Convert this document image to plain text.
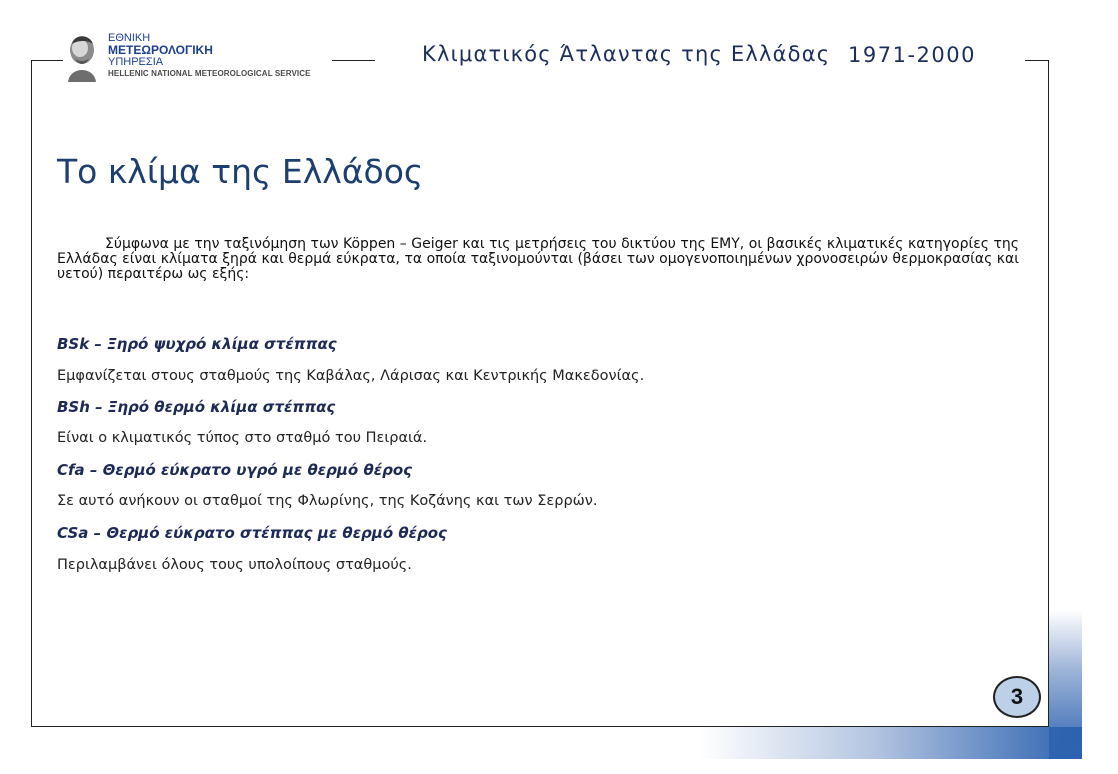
ΕΘΝΙΚΗ
ΜΕΤΕΩΡΟΛΟΓΙΚΗ
ΥΠΗΡΕΣΙΑ
HELLENIC NATIONAL METEOROLOGICAL SERVICE
Κλιματικός Άτλαντας της Ελλάδας 1971-2000
Το κλίμα της Ελλάδος

Σύμφωνα με την ταξινόμηση των Köppen – Geiger και τις μετρήσεις του δικτύου της ΕΜΥ, οι βασικές κλιματικές κατηγορίες της Ελλάδας είναι κλίματα ξηρά και θερμά εύκρατα, τα οποία ταξινομούνται (βάσει των ομογενοποιημένων χρονοσειρών θερμοκρασίας και υετού) περαιτέρω ως εξής:

BSk – Ξηρό ψυχρό κλίμα στέππας

Εμφανίζεται στους σταθμούς της Καβάλας, Λάρισας και Κεντρικής Μακεδονίας.

BSh – Ξηρό θερμό κλίμα στέππας

Είναι ο κλιματικός τύπος στο σταθμό του Πειραιά.

Cfa – Θερμό εύκρατο υγρό με θερμό θέρος

Σε αυτό ανήκουν οι σταθμοί της Φλωρίνης, της Κοζάνης και των Σερρών.

CSa – Θερμό εύκρατο στέππας με θερμό θέρος

Περιλαμβάνει όλους τους υπολοίπους σταθμούς.

3
